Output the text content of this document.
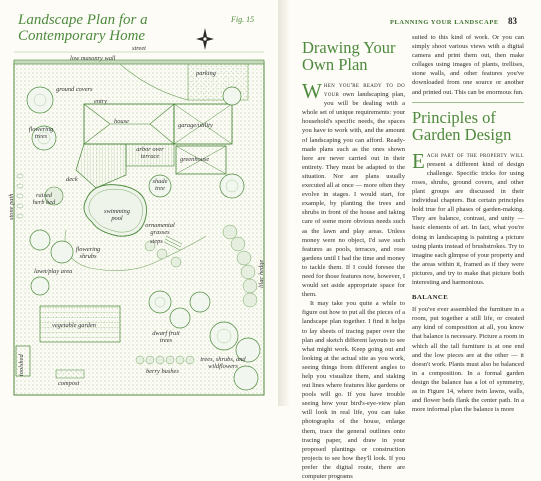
Landscape Plan for a Contemporary Home
Fig. 15
street
low masonry wall
parking
ground covers
entry
house
garage/utility
flowering trees
arbor over terrace	greenhouse
stone path
deck
raised herb bed
shade tree
swimming pool
ornamental grasses
flowering shrubs
lawn/play area
steps
lilac hedge
vegetable garden
dwarf fruit trees
toolshed	berry bushes
trees, shrubs, and wildflowers
compost
PLANNING YOUR LANDSCAPE 83
Drawing Your Own Plan

When you're ready to do your own landscaping plan, you will be dealing with a whole set of unique requirements: your household's specific needs, the spaces you have to work with, and the amount of landscaping you can afford. Ready-made plans such as the ones shown here are never carried out in their entirety. They must be adapted to the situation. Nor are plans usually executed all at once — more often they evolve in stages. I would start, for example, by planting the trees and shrubs in front of the house and taking care of some more obvious needs such as the lawn and play areas. Unless money were no object, I'd save such features as pools, terraces, and rose gardens until I had the time and money to tackle them. If I could foresee the need for those features now, however, I would set aside appropriate space for them.

It may take you quite a while to figure out how to put all the pieces of a landscape plan together. I find it helps to lay sheets of tracing paper over the plan and sketch different layouts to see what might work. Keep going out and looking at the actual site as you work, seeing things from different angles to help you visualize them, and staking out lines where features like gardens or pools will go. If you have trouble seeing how your bird's-eye-view plan will look in real life, you can take photographs of the house, enlarge them, trace the general outlines onto tracing paper, and draw in your proposed plantings or construction projects to see how they'll look. If you prefer the digital route, there are computer programs

suited to this kind of work. Or you can simply shoot various views with a digital camera and print them out, then make collages using images of plants, trellises, stone walls, and other features you've downloaded from one source or another and printed out. This can be enormous fun.

Principles of Garden Design

Each part of the property will present a different kind of design challenge. Specific tricks for using roses, shrubs, ground covers, and other plant groups are discussed in their individual chapters. But certain principles hold true for all phases of garden-making. They are balance, contrast, and unity — basic elements of art. In fact, what you're doing in landscaping is painting a picture using plants instead of brushstrokes. Try to imagine each glimpse of your property and the areas within it, framed as if they were pictures, and try to make that picture both interesting and harmonious.

BALANCE

If you've ever assembled the furniture in a room, put together a still life, or created any kind of composition at all, you know that balance is necessary. Picture a room in which all the tall furniture is at one end and the low pieces are at the other — it doesn't work. Plants must also be balanced in a composition. In a formal garden design the balance has a lot of symmetry, as in Figure 14, where twin lawns, walls, and flower beds flank the center path. In a more informal plan the balance is more
